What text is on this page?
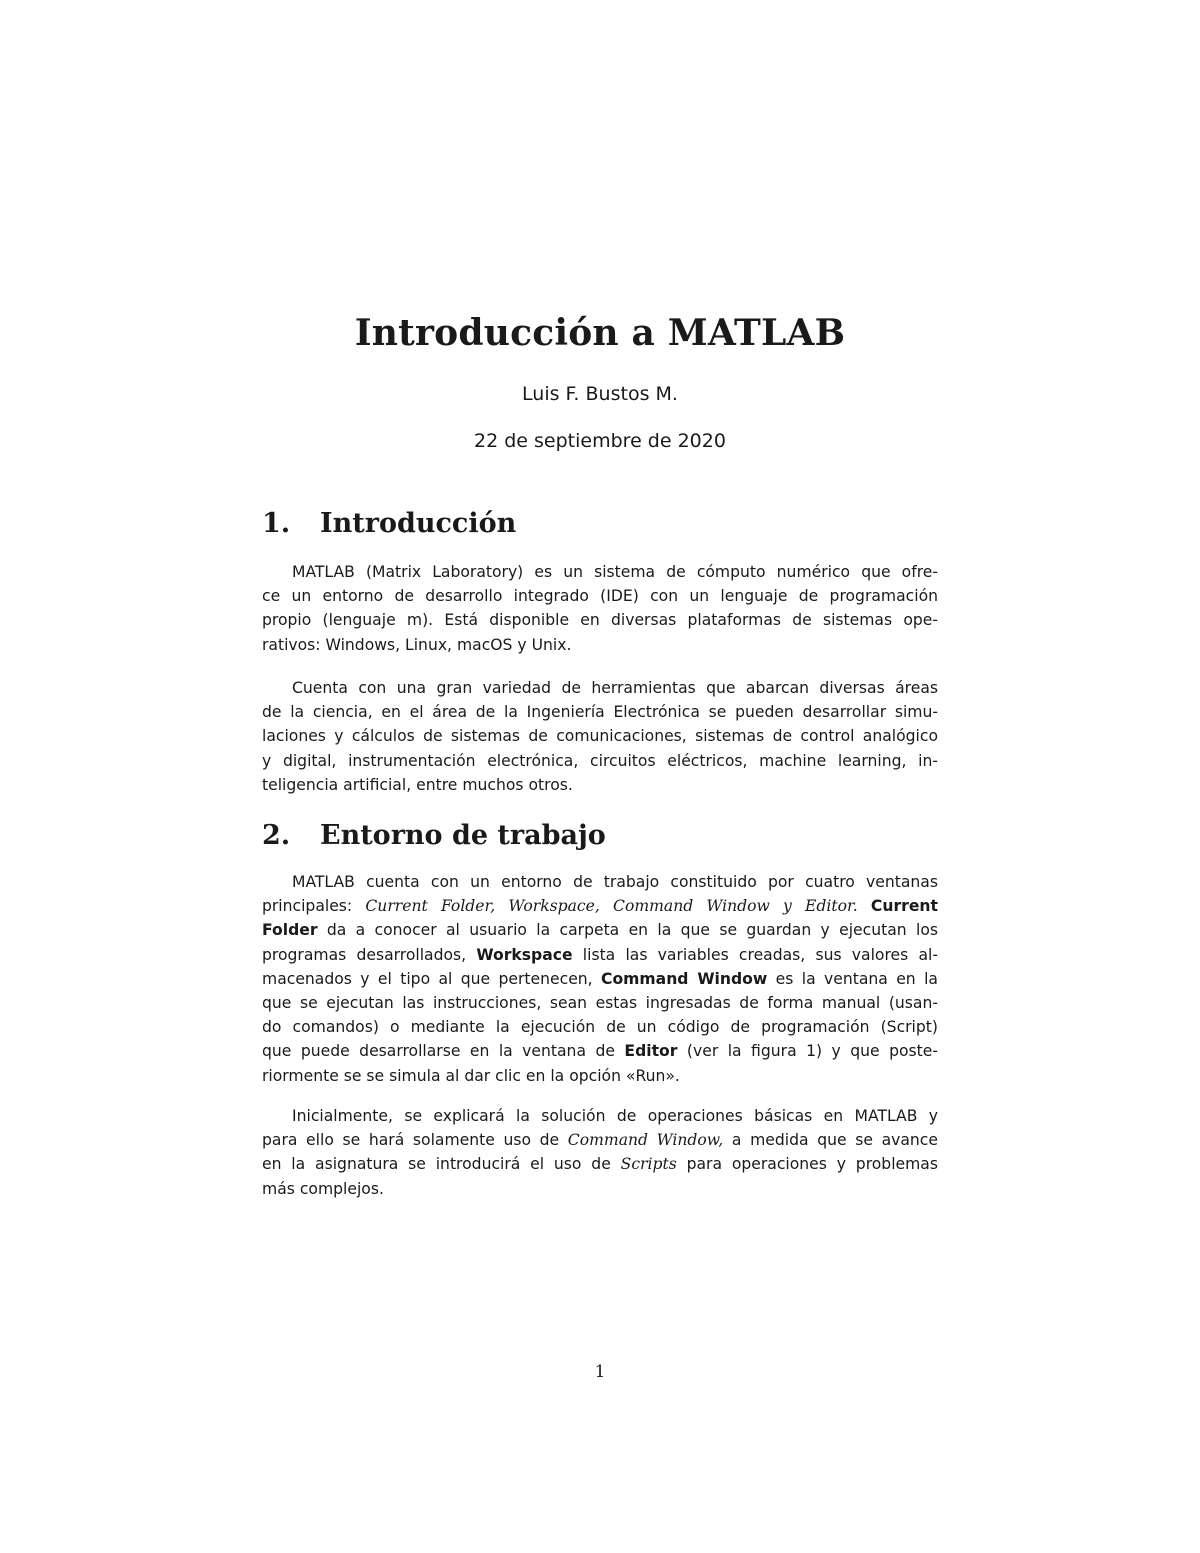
Introducción a MATLAB
Luis F. Bustos M.
22 de septiembre de 2020
1.	Introducción
MATLAB (Matrix Laboratory) es un sistema de cómputo numérico que ofre-
ce un entorno de desarrollo integrado (IDE) con un lenguaje de programación
propio (lenguaje m). Está disponible en diversas plataformas de sistemas ope-
rativos: Windows, Linux, macOS y Unix.
Cuenta con una gran variedad de herramientas que abarcan diversas áreas
de la ciencia, en el área de la Ingeniería Electrónica se pueden desarrollar simu-
laciones y cálculos de sistemas de comunicaciones, sistemas de control analógico
y digital, instrumentación electrónica, circuitos eléctricos, machine learning, in-
teligencia artificial, entre muchos otros.
2.	Entorno de trabajo
MATLAB cuenta con un entorno de trabajo constituido por cuatro ventanas
principales: Current Folder, Workspace, Command Window y Editor. Current
Folder da a conocer al usuario la carpeta en la que se guardan y ejecutan los
programas desarrollados, Workspace lista las variables creadas, sus valores al-
macenados y el tipo al que pertenecen, Command Window es la ventana en la
que se ejecutan las instrucciones, sean estas ingresadas de forma manual (usan-
do comandos) o mediante la ejecución de un código de programación (Script)
que puede desarrollarse en la ventana de Editor (ver la figura 1) y que poste-
riormente se se simula al dar clic en la opción «Run».
Inicialmente, se explicará la solución de operaciones básicas en MATLAB y
para ello se hará solamente uso de Command Window, a medida que se avance
en la asignatura se introducirá el uso de Scripts para operaciones y problemas
más complejos.
1
